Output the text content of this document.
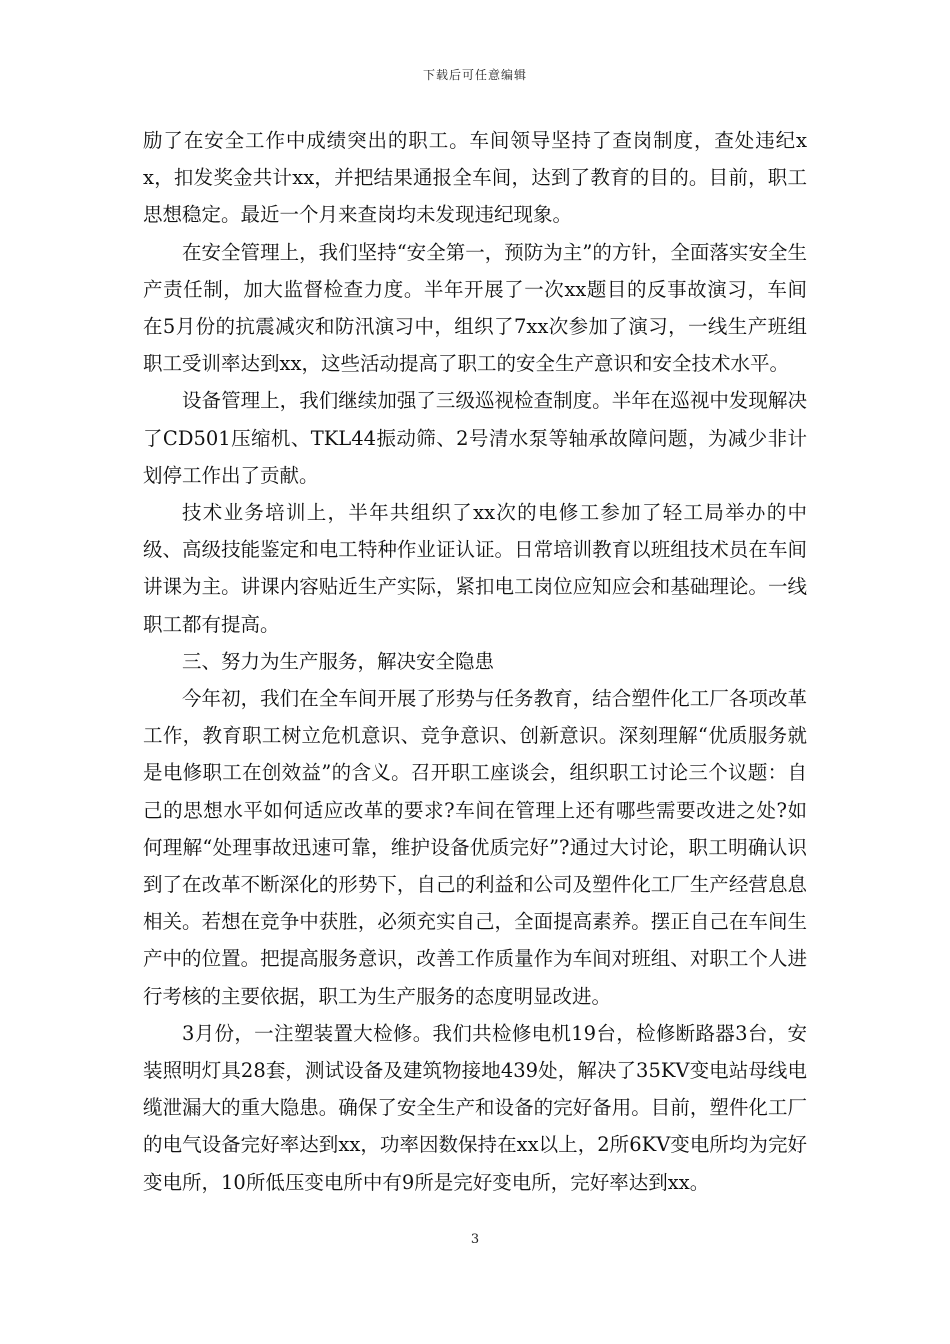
下载后可任意编辑

励了在安全工作中成绩突出的职工。车间领导坚持了查岗制度，查处违纪xx，扣发奖金共计xx，并把结果通报全车间，达到了教育的目的。目前，职工思想稳定。最近一个月来查岗均未发现违纪现象。

在安全管理上，我们坚持“安全第一，预防为主”的方针，全面落实安全生产责任制，加大监督检查力度。半年开展了一次xx题目的反事故演习，车间在5月份的抗震减灾和防汛演习中，组织了7xx次参加了演习，一线生产班组职工受训率达到xx，这些活动提高了职工的安全生产意识和安全技术水平。

设备管理上，我们继续加强了三级巡视检查制度。半年在巡视中发现解决了CD501压缩机、TKL44振动筛、2号清水泵等轴承故障问题，为减少非计划停工作出了贡献。

技术业务培训上，半年共组织了xx次的电修工参加了轻工局举办的中级、高级技能鉴定和电工特种作业证认证。日常培训教育以班组技术员在车间讲课为主。讲课内容贴近生产实际，紧扣电工岗位应知应会和基础理论。一线职工都有提高。

三、努力为生产服务，解决安全隐患

今年初，我们在全车间开展了形势与任务教育，结合塑件化工厂各项改革工作，教育职工树立危机意识、竞争意识、创新意识。深刻理解“优质服务就是电修职工在创效益”的含义。召开职工座谈会，组织职工讨论三个议题：自己的思想水平如何适应改革的要求?车间在管理上还有哪些需要改进之处?如何理解“处理事故迅速可靠，维护设备优质完好”?通过大讨论，职工明确认识到了在改革不断深化的形势下，自己的利益和公司及塑件化工厂生产经营息息相关。若想在竞争中获胜，必须充实自己，全面提高素养。摆正自己在车间生产中的位置。把提高服务意识，改善工作质量作为车间对班组、对职工个人进行考核的主要依据，职工为生产服务的态度明显改进。

3月份，一注塑装置大检修。我们共检修电机19台，检修断路器3台，安装照明灯具28套，测试设备及建筑物接地439处，解决了35KV变电站母线电缆泄漏大的重大隐患。确保了安全生产和设备的完好备用。目前，塑件化工厂的电气设备完好率达到xx，功率因数保持在xx以上，2所6KV变电所均为完好变电所，10所低压变电所中有9所是完好变电所，完好率达到xx。

3
